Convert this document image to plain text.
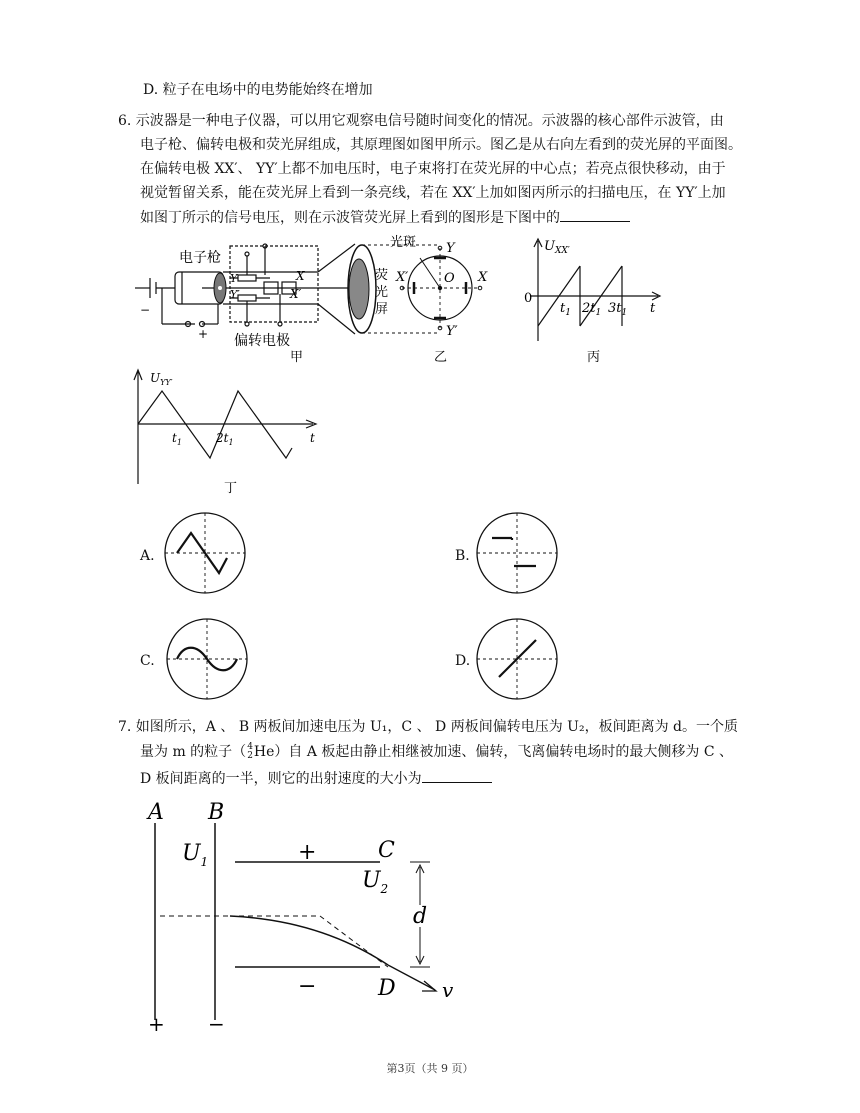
D. 粒子在电场中的电势能始终在增加
6. 示波器是一种电子仪器，可以用它观察电信号随时间变化的情况。示波器的核心部件示波管，由
电子枪、偏转电极和荧光屏组成，其原理图如图甲所示。图乙是从右向左看到的荧光屏的平面图。
在偏转电极 XX′、 YY′上都不加电压时，电子束将打在荧光屏的中心点；若亮点很快移动，由于
视觉暂留关系，能在荧光屏上看到一条亮线，若在 XX′上加如图丙所示的扫描电压，在 YY′上加
如图丁所示的信号电压，则在示波管荧光屏上看到的图形是下图中的
电子枪
−
+
Y
Y′
X
X′
偏转电极
荧
光
屏
光斑
甲
Y
Y′
X′	X
O
乙
$U_{XX'}$
0
$t_1$ $2t_1$ $3t_1$ t
丙
$U_{YY'}$
$t_1$	$2t_1$	t
丁
A.	B.
C.	D.
7. 如图所示，A 、 B 两板间加速电压为 U₁，C 、 D 两板间偏转电压为 U₂，板间距离为 d。一个质
量为 m 的粒子（ 4
2 He）自 A 板起由静止相继被加速、偏转，飞离偏转电场时的最大侧移为 C 、
D 板间距离的一半，则它的出射速度的大小为
A B
$U_1$	+	C
$U_2$
d
−	D v
+ −
第3页（共 9 页）
